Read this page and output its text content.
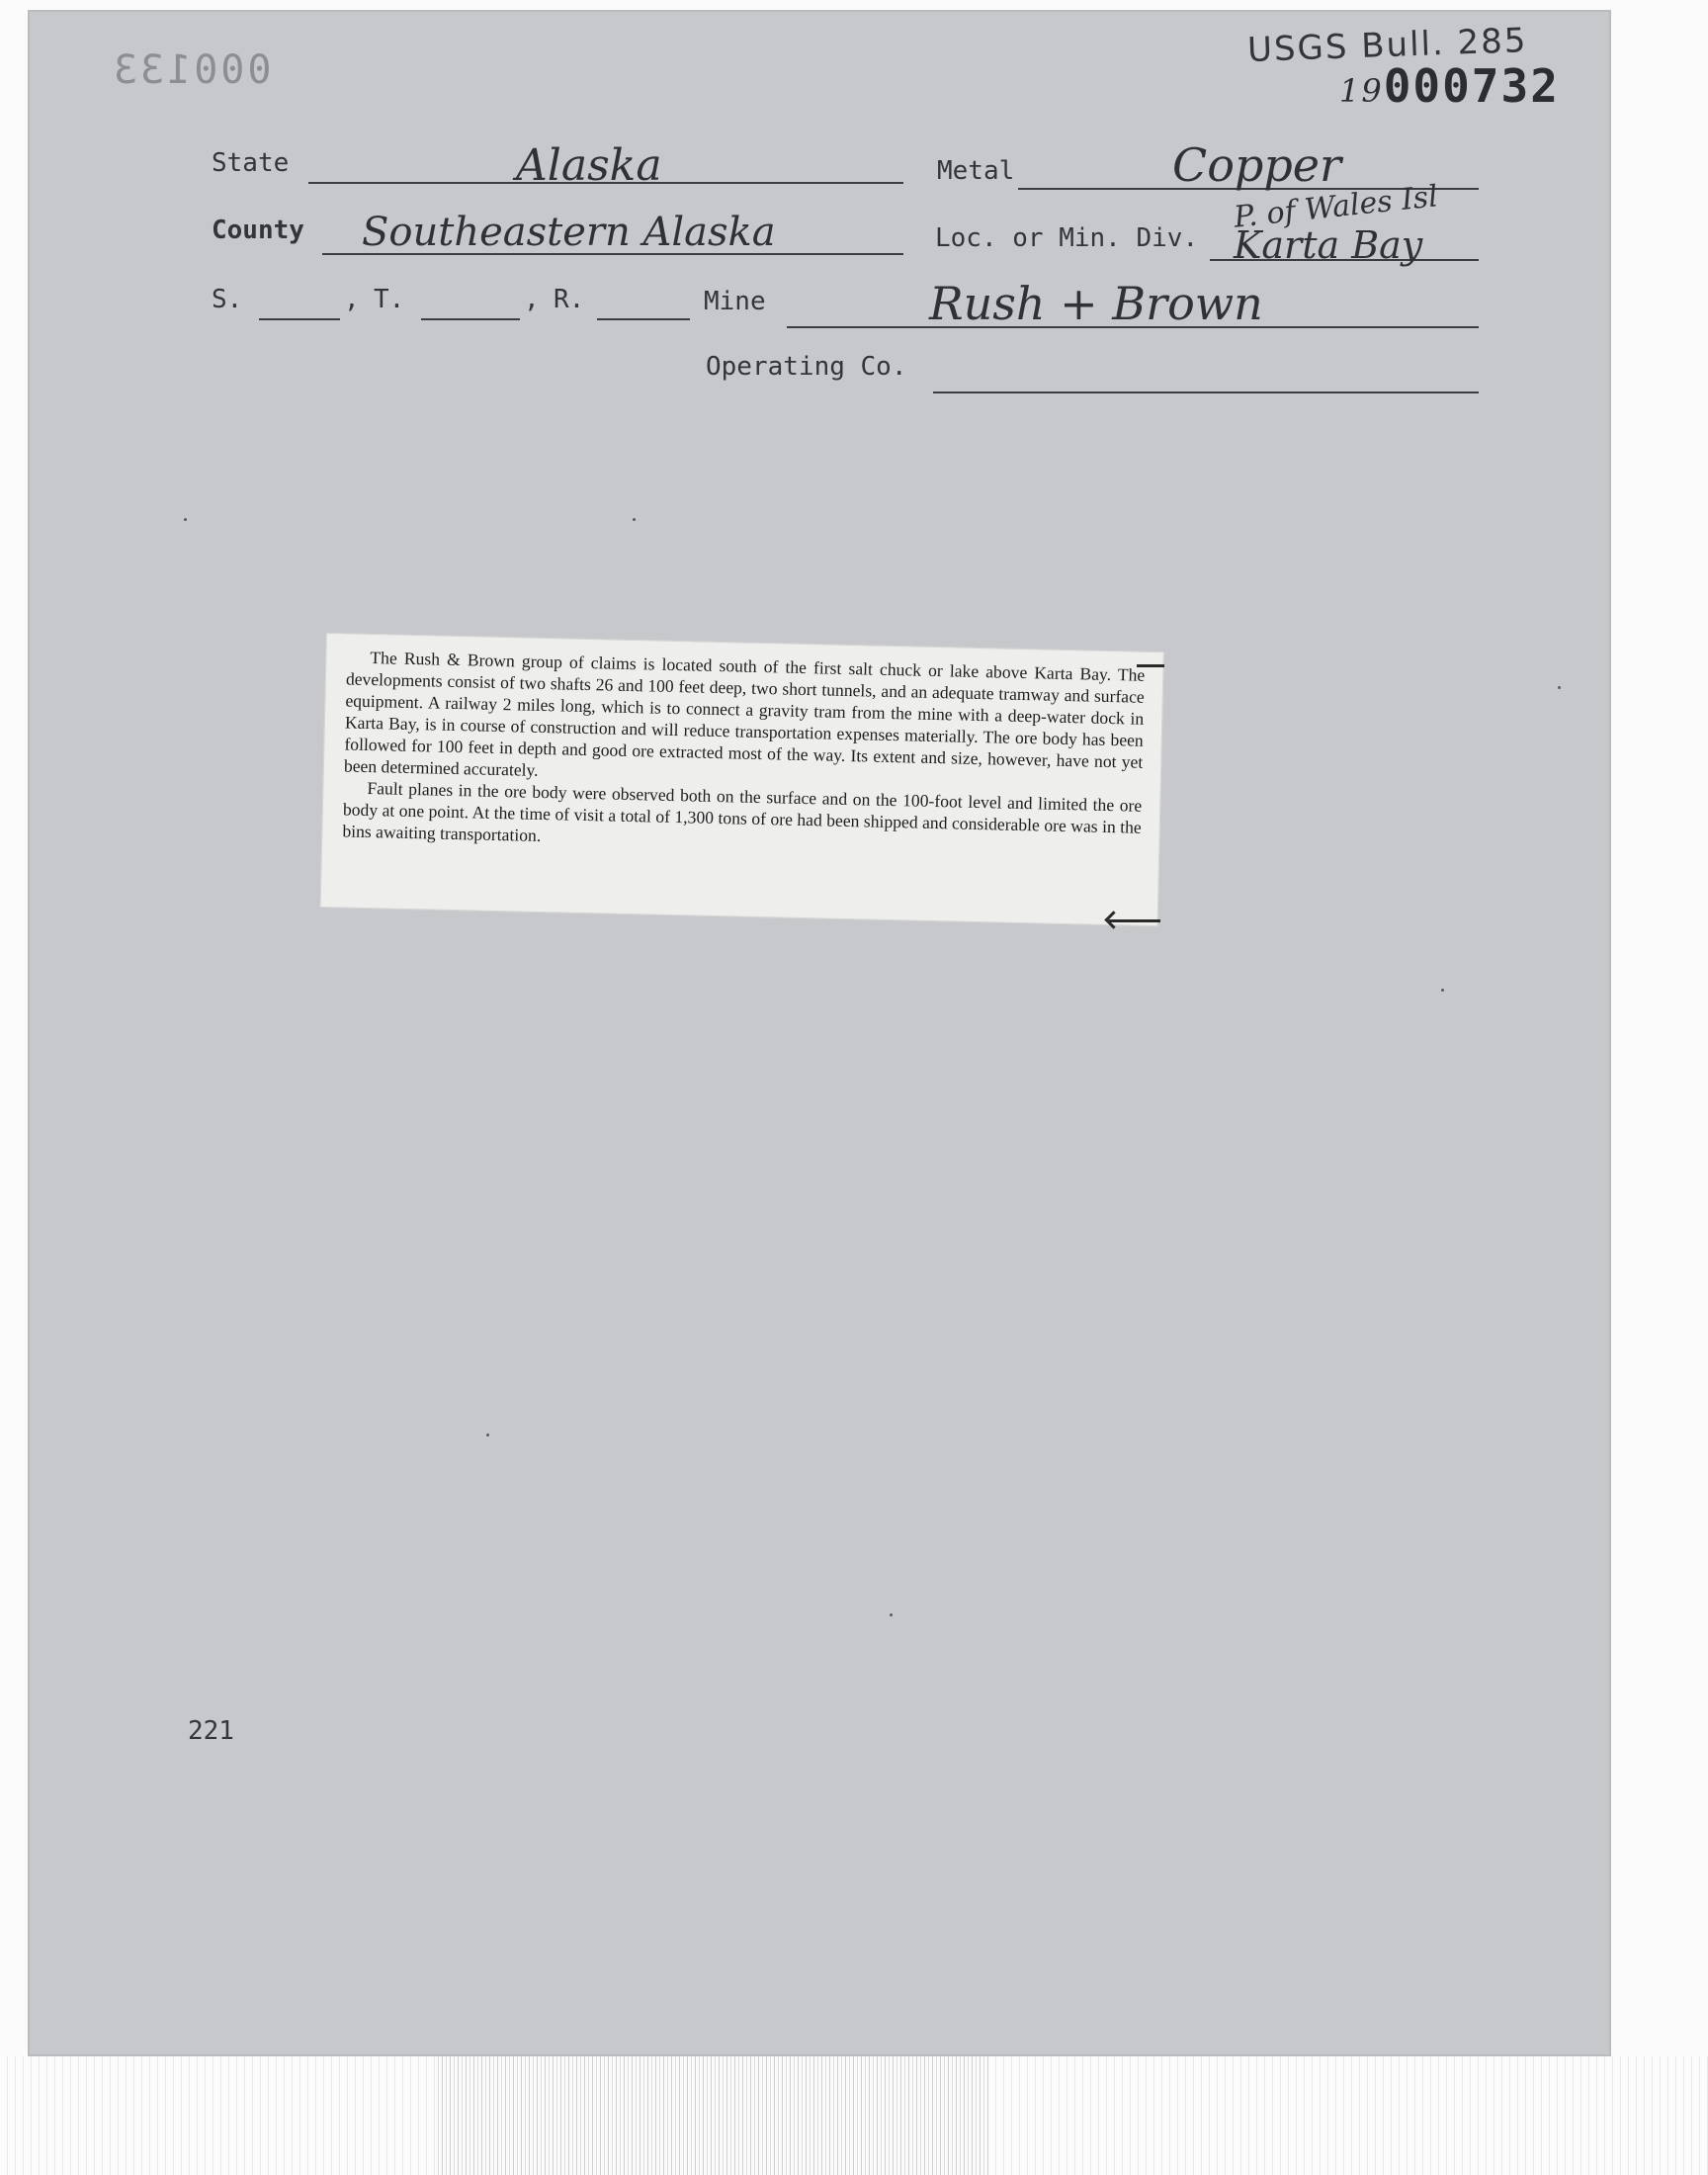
000133
USGS Bull. 285
19000732
State	Alaska	Metal	Copper
County Southeastern Alaska	Loc. or Min. Div.
P. of Wales Isl
Karta Bay
S.	, T.	, R.	Mine	Rush + Brown
Operating Co.

The Rush & Brown group of claims is located south of the first salt chuck or lake above Karta Bay. The developments consist of two shafts 26 and 100 feet deep, two short tunnels, and an adequate tramway and surface equipment. A railway 2 miles long, which is to connect a gravity tram from the mine with a deep-water dock in Karta Bay, is in course of construction and will reduce transportation expenses materially. The ore body has been followed for 100 feet in depth and good ore extracted most of the way. Its extent and size, however, have not yet been determined accurately.

Fault planes in the ore body were observed both on the surface and on the 100-foot level and limited the ore body at one point. At the time of visit a total of 1,300 tons of ore had been shipped and considerable ore was in the bins awaiting transportation.

221
